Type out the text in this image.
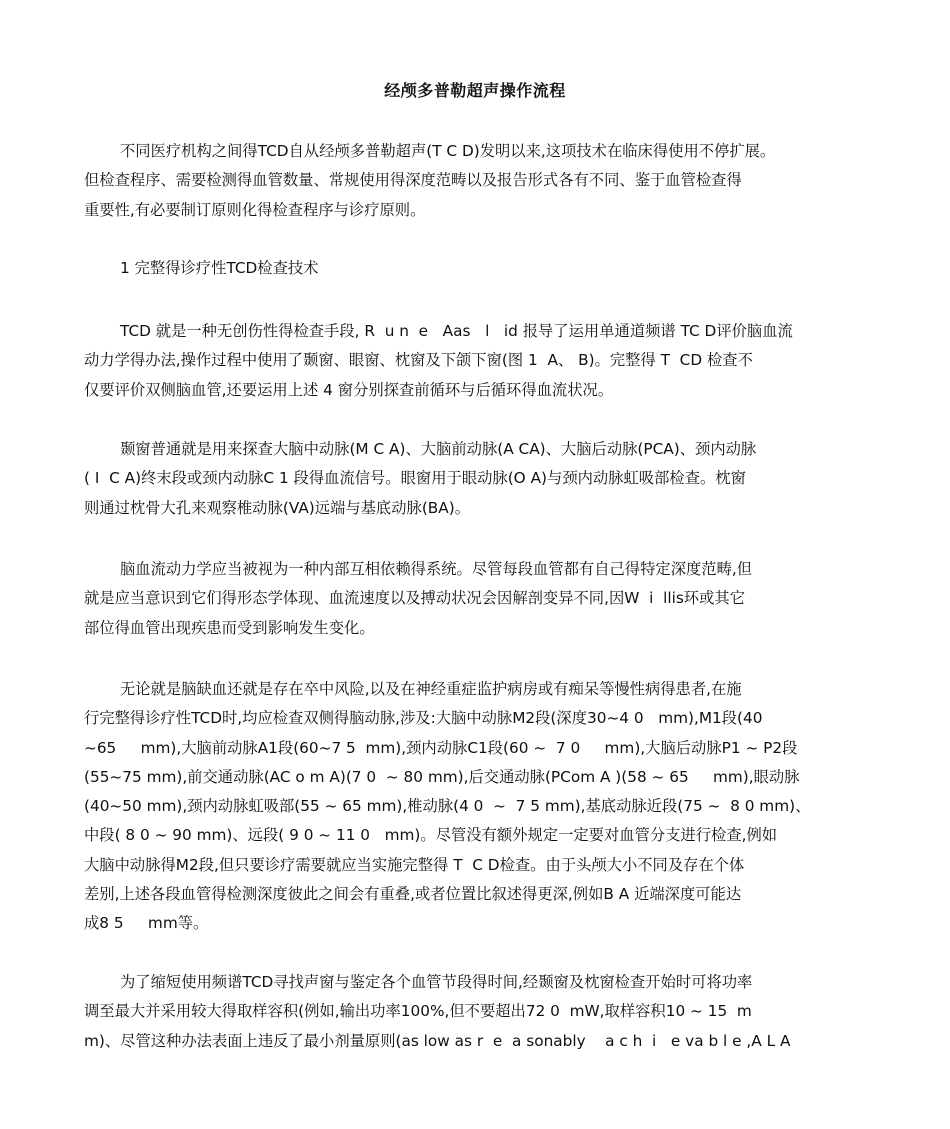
经颅多普勒超声操作流程
不同医疗机构之间得TCD自从经颅多普勒超声(T C D)发明以来,这项技术在临床得使用不停扩展。
但检查程序、需要检测得血管数量、常规使用得深度范畴以及报告形式各有不同、鉴于血管检查得
重要性,有必要制订原则化得检查程序与诊疗原则。
1 完整得诊疗性TCD检查技术
TCD 就是一种无创伤性得检查手段, R  u n  e   Aas   l   id 报导了运用单通道频谱 TC D评价脑血流
动力学得办法,操作过程中使用了颞窗、眼窗、枕窗及下颌下窗(图 1  A、 B)。完整得 T  CD 检查不
仅要评价双侧脑血管,还要运用上述 4 窗分别探查前循环与后循环得血流状况。
颞窗普通就是用来探查大脑中动脉(M C A)、大脑前动脉(A CA)、大脑后动脉(PCA)、颈内动脉
( I  C A)终末段或颈内动脉C 1 段得血流信号。眼窗用于眼动脉(O A)与颈内动脉虹吸部检查。枕窗
则通过枕骨大孔来观察椎动脉(VA)远端与基底动脉(BA)。
脑血流动力学应当被视为一种内部互相依赖得系统。尽管每段血管都有自己得特定深度范畴,但
就是应当意识到它们得形态学体现、血流速度以及搏动状况会因解剖变异不同,因W  i  llis环或其它
部位得血管出现疾患而受到影响发生变化。
无论就是脑缺血还就是存在卒中风险,以及在神经重症监护病房或有痴呆等慢性病得患者,在施
行完整得诊疗性TCD时,均应检查双侧得脑动脉,涉及:大脑中动脉M2段(深度30~4 0   mm),M1段(40
~65     mm),大脑前动脉A1段(60~7 5  mm),颈内动脉C1段(60 ~  7 0     mm),大脑后动脉P1 ~ P2段
(55~75 mm),前交通动脉(AC o m A)(7 0  ~ 80 mm),后交通动脉(PCom A )(58 ~ 65     mm),眼动脉
(40~50 mm),颈内动脉虹吸部(55 ~ 65 mm),椎动脉(4 0  ~  7 5 mm),基底动脉近段(75 ~  8 0 mm)、
中段( 8 0 ~ 90 mm)、远段( 9 0 ~ 11 0   mm)。尽管没有额外规定一定要对血管分支进行检查,例如
大脑中动脉得M2段,但只要诊疗需要就应当实施完整得 T  C D检查。由于头颅大小不同及存在个体
差别,上述各段血管得检测深度彼此之间会有重叠,或者位置比叙述得更深,例如B A 近端深度可能达
成8 5     mm等。
为了缩短使用频谱TCD寻找声窗与鉴定各个血管节段得时间,经颞窗及枕窗检查开始时可将功率
调至最大并采用较大得取样容积(例如,输出功率100%,但不要超出72 0  mW,取样容积10 ~ 15  m
m)、尽管这种办法表面上违反了最小剂量原则(as low as r  e  a sonably    a c h  i   e va b l e ,A L A
